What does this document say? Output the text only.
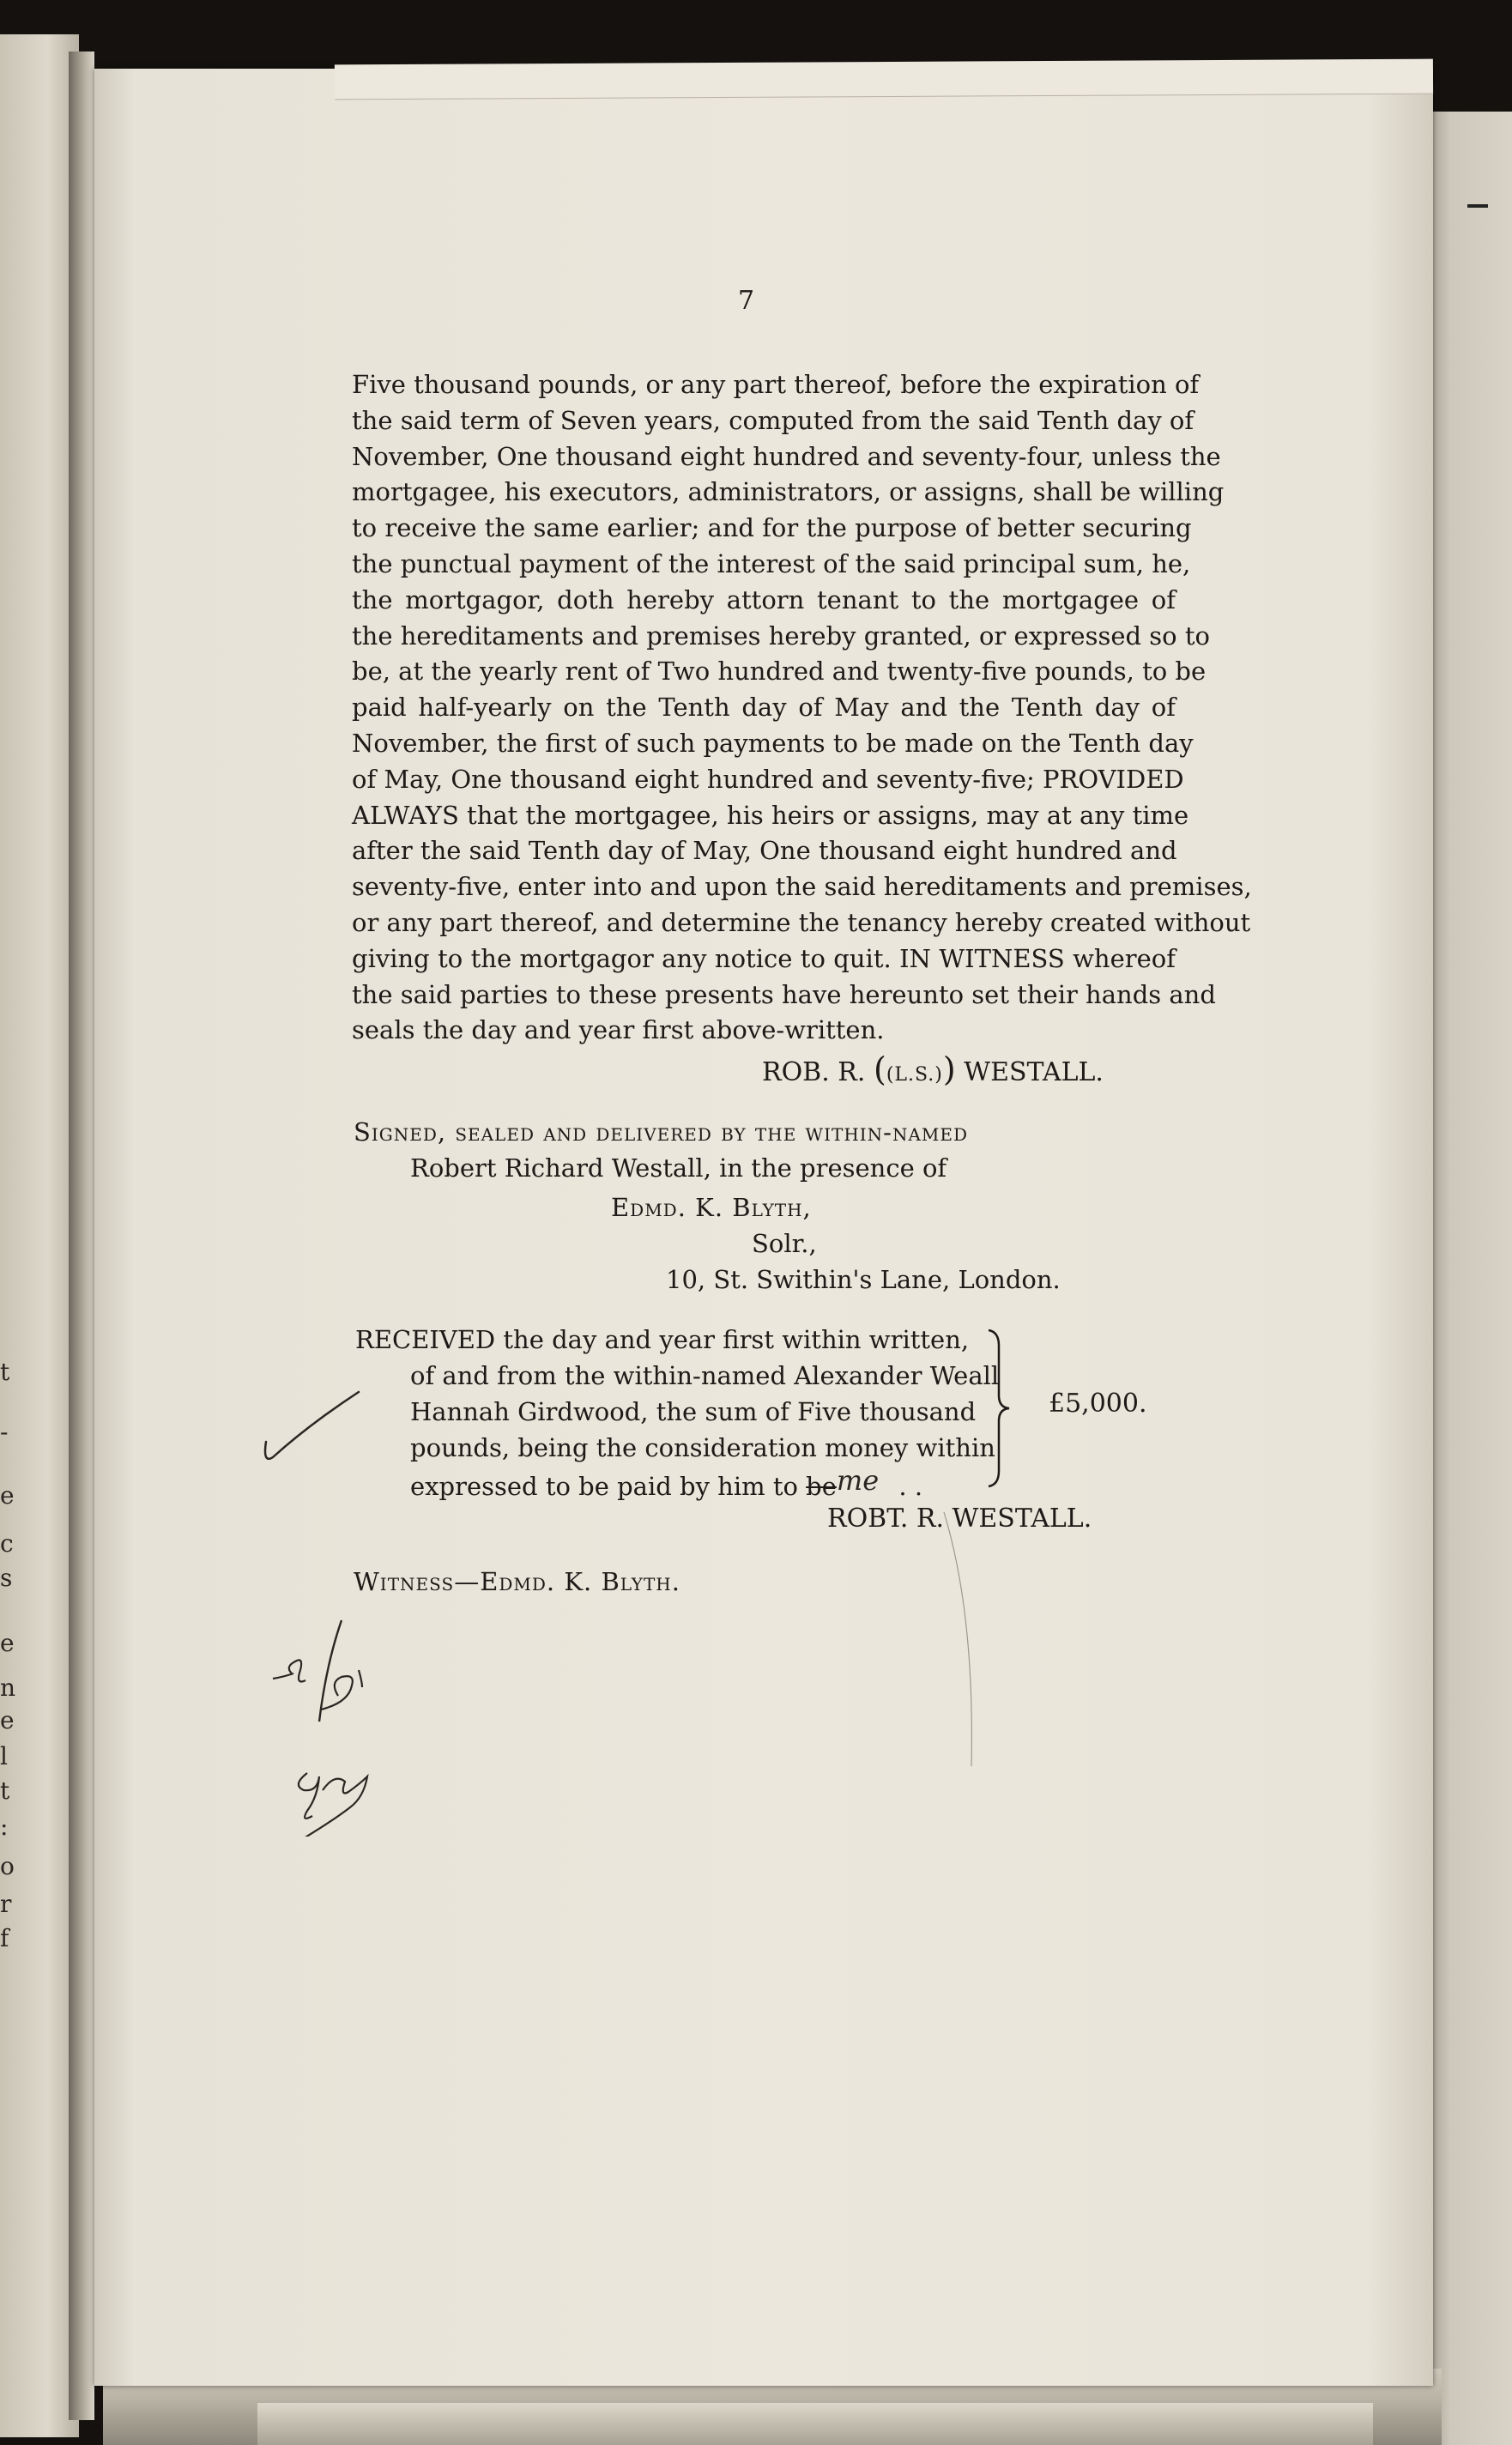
t
-
e
c
s
e
n
e
l
t
:
o
r
f
7
Five thousand pounds, or any part thereof, before the expiration of
the said term of Seven years, computed from the said Tenth day of
November, One thousand eight hundred and seventy-four, unless the
mortgagee, his executors, administrators, or assigns, shall be willing
to receive the same earlier; and for the purpose of better securing
the punctual payment of the interest of the said principal sum, he,
the mortgagor, doth hereby attorn tenant to the mortgagee of
the hereditaments and premises hereby granted, or expressed so to
be, at the yearly rent of Two hundred and twenty-five pounds, to be
paid half-yearly on the Tenth day of May and the Tenth day of
November, the first of such payments to be made on the Tenth day
of May, One thousand eight hundred and seventy-five; PROVIDED
ALWAYS that the mortgagee, his heirs or assigns, may at any time
after the said Tenth day of May, One thousand eight hundred and
seventy-five, enter into and upon the said hereditaments and premises,
or any part thereof, and determine the tenancy hereby created without
giving to the mortgagor any notice to quit. IN WITNESS whereof
the said parties to these presents have hereunto set their hands and
seals the day and year first above-written.
ROB. R. ((L.S.)) WESTALL.
Signed, sealed and delivered by the within-named
Robert Richard Westall, in the presence of
Edmd. K. Blyth,
Solr.,
10, St. Swithin's Lane, London.
RECEIVED the day and year first within written,
of and from the within-named Alexander Weall
Hannah Girdwood, the sum of Five thousand
pounds, being the consideration money within
expressed to be paid by him to beme . .
£5,000.
ROBT. R. WESTALL.
Witness—Edmd. K. Blyth.
